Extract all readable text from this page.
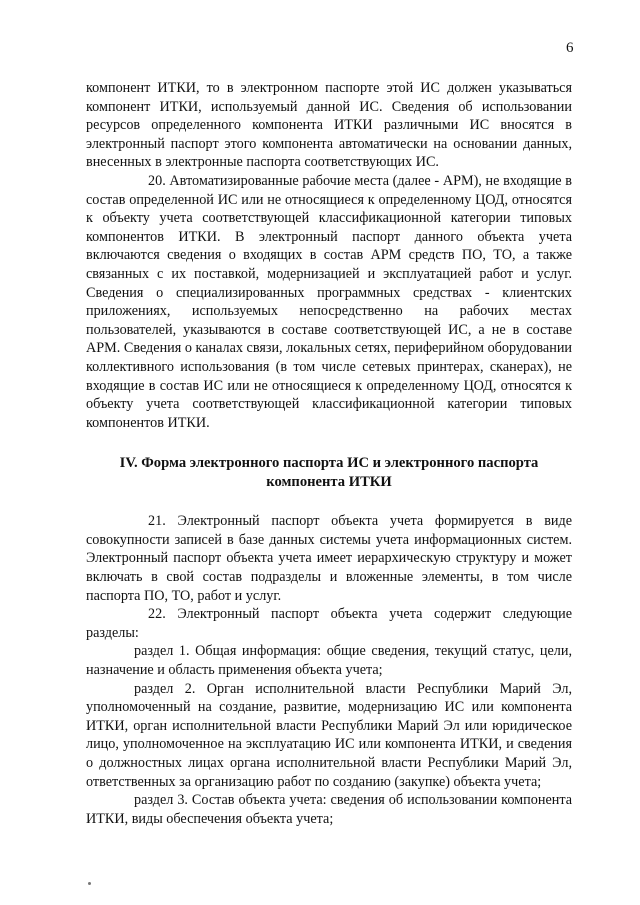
6

компонент ИТКИ, то в электронном паспорте этой ИС должен указываться компонент ИТКИ, используемый данной ИС. Сведения об использовании ресурсов определенного компонента ИТКИ различными ИС вносятся в электронный паспорт этого компонента автоматически на основании данных, внесенных в электронные паспорта соответствующих ИС.

20. Автоматизированные рабочие места (далее - АРМ), не входящие в состав определенной ИС или не относящиеся к определенному ЦОД, относятся к объекту учета соответствующей классификационной категории типовых компонентов ИТКИ. В электронный паспорт данного объекта учета включаются сведения о входящих в состав АРМ средств ПО, ТО, а также связанных с их поставкой, модернизацией и эксплуатацией работ и услуг. Сведения о специализированных программных средствах - клиентских приложениях, используемых непосредственно на рабочих местах пользователей, указываются в составе соответствующей ИС, а не в составе АРМ. Сведения о каналах связи, локальных сетях, периферийном оборудовании коллективного использования (в том числе сетевых принтерах, сканерах), не входящие в состав ИС или не относящиеся к определенному ЦОД, относятся к объекту учета соответствующей классификационной категории типовых компонентов ИТКИ.

IV. Форма электронного паспорта ИС и электронного паспорта
компонента ИТКИ

21. Электронный паспорт объекта учета формируется в виде совокупности записей в базе данных системы учета информационных систем. Электронный паспорт объекта учета имеет иерархическую структуру и может включать в свой состав подразделы и вложенные элементы, в том числе паспорта ПО, ТО, работ и услуг.

22. Электронный паспорт объекта учета содержит следующие разделы:

раздел 1. Общая информация: общие сведения, текущий статус, цели, назначение и область применения объекта учета;

раздел 2. Орган исполнительной власти Республики Марий Эл, уполномоченный на создание, развитие, модернизацию ИС или компонента ИТКИ, орган исполнительной власти Республики Марий Эл или юридическое лицо, уполномоченное на эксплуатацию ИС или компонента ИТКИ, и сведения о должностных лицах органа исполнительной власти Республики Марий Эл, ответственных за организацию работ по созданию (закупке) объекта учета;

раздел 3. Состав объекта учета: сведения об использовании компонента ИТКИ, виды обеспечения объекта учета;
